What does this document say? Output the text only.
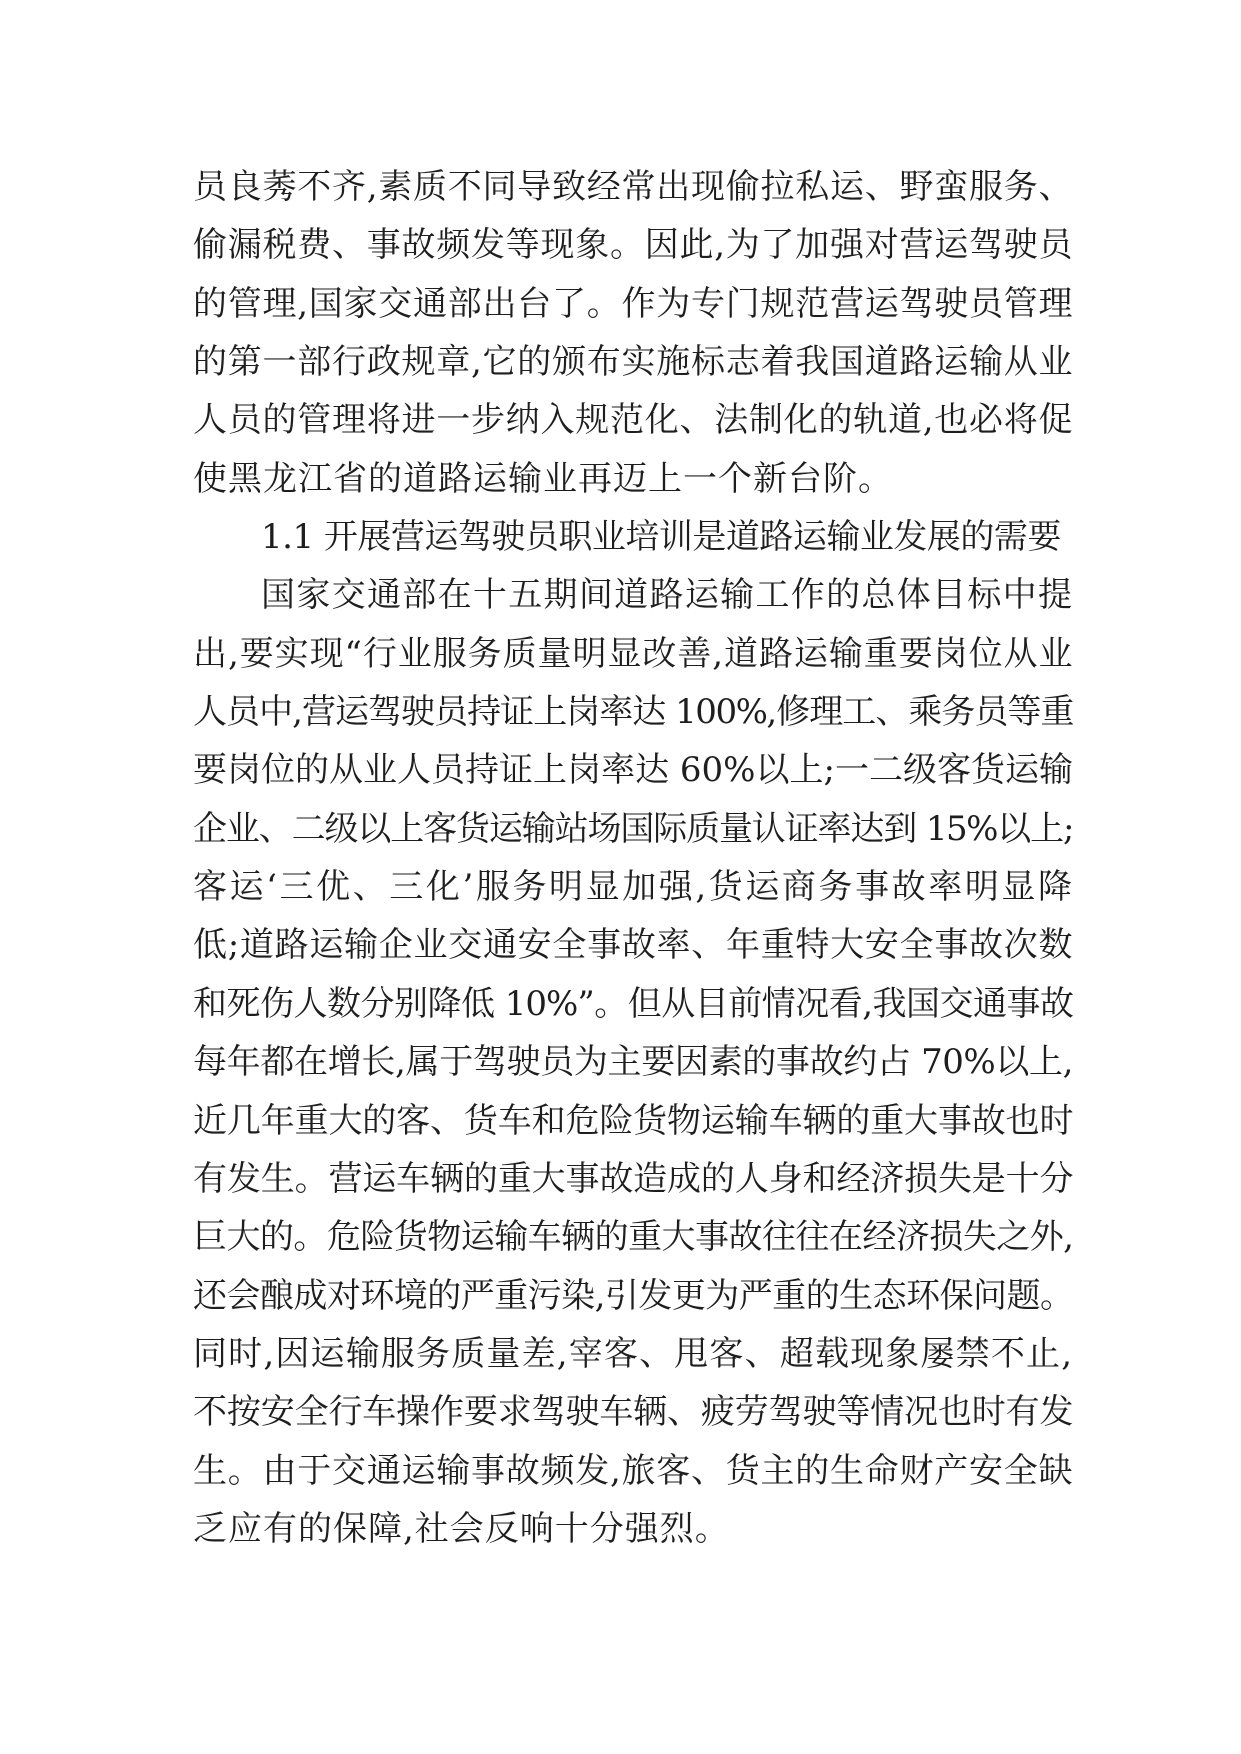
员良莠不齐,素质不同导致经常出现偷拉私运、野蛮服务、
偷漏税费、事故频发等现象。因此,为了加强对营运驾驶员
的管理,国家交通部出台了。作为专门规范营运驾驶员管理
的第一部行政规章,它的颁布实施标志着我国道路运输从业
人员的管理将进一步纳入规范化、法制化的轨道,也必将促
使黑龙江省的道路运输业再迈上一个新台阶。
1.1 开展营运驾驶员职业培训是道路运输业发展的需要
国家交通部在十五期间道路运输工作的总体目标中提
出,要实现“行业服务质量明显改善,道路运输重要岗位从业
人员中,营运驾驶员持证上岗率达 100%,修理工、乘务员等重
要岗位的从业人员持证上岗率达 60%以上;一二级客货运输
企业、二级以上客货运输站场国际质量认证率达到 15%以上;
客运‘三优、三化’服务明显加强,货运商务事故率明显降
低;道路运输企业交通安全事故率、年重特大安全事故次数
和死伤人数分别降低 10%”。但从目前情况看,我国交通事故
每年都在增长,属于驾驶员为主要因素的事故约占 70%以上,
近几年重大的客、货车和危险货物运输车辆的重大事故也时
有发生。营运车辆的重大事故造成的人身和经济损失是十分
巨大的。危险货物运输车辆的重大事故往往在经济损失之外,
还会酿成对环境的严重污染,引发更为严重的生态环保问题。
同时,因运输服务质量差,宰客、甩客、超载现象屡禁不止,
不按安全行车操作要求驾驶车辆、疲劳驾驶等情况也时有发
生。由于交通运输事故频发,旅客、货主的生命财产安全缺
乏应有的保障,社会反响十分强烈。
